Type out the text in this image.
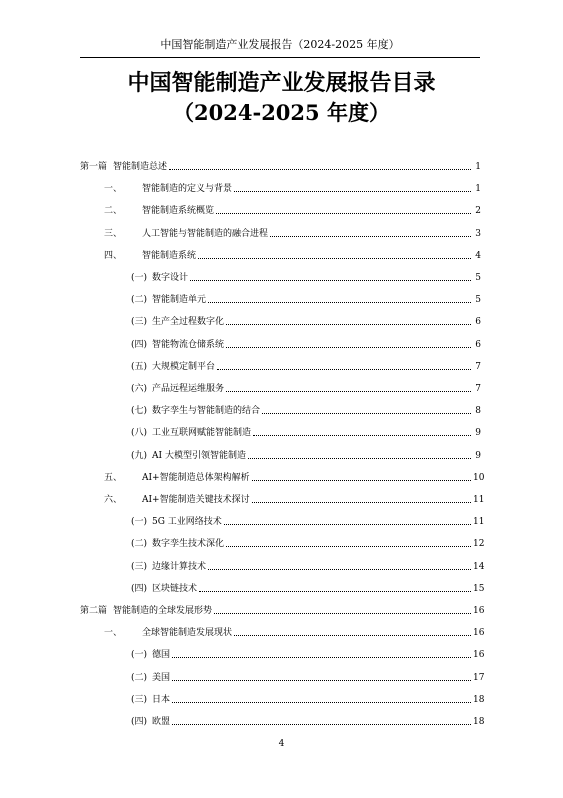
中国智能制造产业发展报告（2024-2025 年度）
中国智能制造产业发展报告目录
（2024-2025 年度）
第一篇 智能制造总述	1
一、	智能制造的定义与背景	1
二、	智能制造系统概览	2
三、	人工智能与智能制造的融合进程	3
四、	智能制造系统	4
(一) 数字设计	5
(二) 智能制造单元	5
(三) 生产全过程数字化	6
(四) 智能物流仓储系统	6
(五) 大规模定制平台	7
(六) 产品远程运维服务	7
(七) 数字孪生与智能制造的结合	8
(八) 工业互联网赋能智能制造	9
(九) AI 大模型引领智能制造	9
五、	AI+智能制造总体架构解析	10
六、	AI+智能制造关键技术探讨	11
(一) 5G 工业网络技术	11
(二) 数字孪生技术深化	12
(三) 边缘计算技术	14
(四) 区块链技术	15
第二篇 智能制造的全球发展形势	16
一、	全球智能制造发展现状	16
(一) 德国	16
(二) 美国	17
(三) 日本	18
(四) 欧盟	18
4
